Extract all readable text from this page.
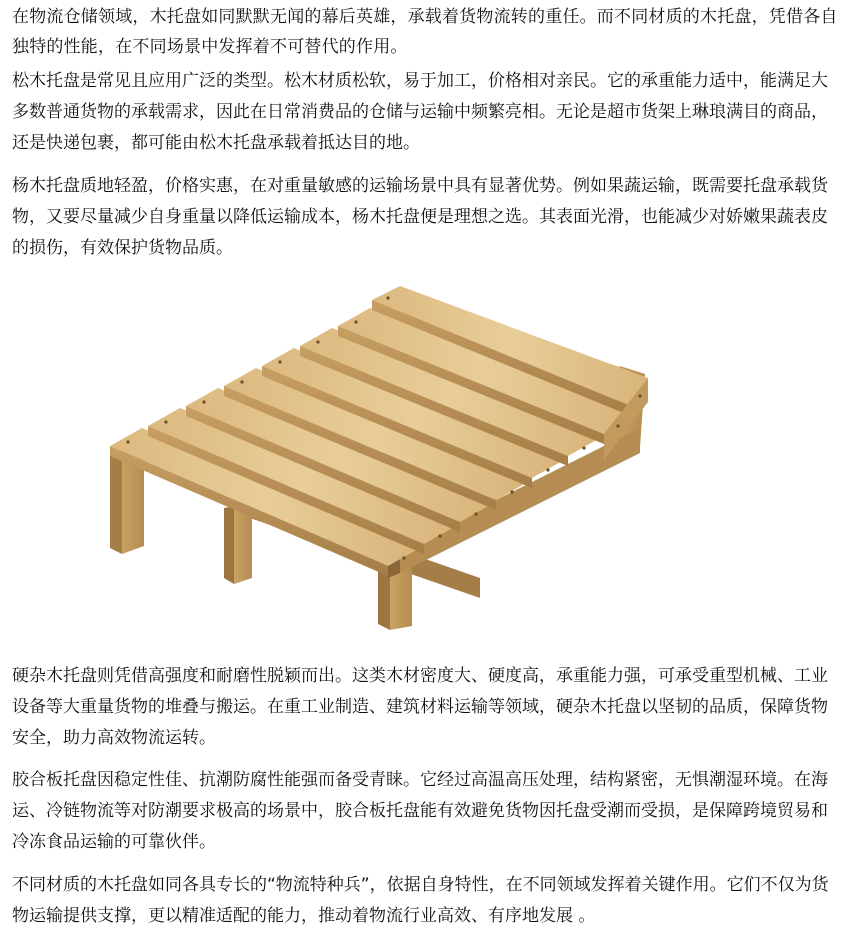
在物流仓储领域，木托盘如同默默无闻的幕后英雄，承载着货物流转的重任。而不同材质的木托盘，凭借各自独特的性能，在不同场景中发挥着不可替代的作用。

松木托盘是常见且应用广泛的类型。松木材质松软，易于加工，价格相对亲民。它的承重能力适中，能满足大多数普通货物的承载需求，因此在日常消费品的仓储与运输中频繁亮相。无论是超市货架上琳琅满目的商品，还是快递包裹，都可能由松木托盘承载着抵达目的地。

杨木托盘质地轻盈，价格实惠，在对重量敏感的运输场景中具有显著优势。例如果蔬运输，既需要托盘承载货物，又要尽量减少自身重量以降低运输成本，杨木托盘便是理想之选。其表面光滑，也能减少对娇嫩果蔬表皮的损伤，有效保护货物品质。

硬杂木托盘则凭借高强度和耐磨性脱颖而出。这类木材密度大、硬度高，承重能力强，可承受重型机械、工业设备等大重量货物的堆叠与搬运。在重工业制造、建筑材料运输等领域，硬杂木托盘以坚韧的品质，保障货物安全，助力高效物流运转。

胶合板托盘因稳定性佳、抗潮防腐性能强而备受青睐。它经过高温高压处理，结构紧密，无惧潮湿环境。在海运、冷链物流等对防潮要求极高的场景中，胶合板托盘能有效避免货物因托盘受潮而受损，是保障跨境贸易和冷冻食品运输的可靠伙伴。

不同材质的木托盘如同各具专长的“物流特种兵”，依据自身特性，在不同领域发挥着关键作用。它们不仅为货物运输提供支撑，更以精准适配的能力，推动着物流行业高效、有序地发展 。
